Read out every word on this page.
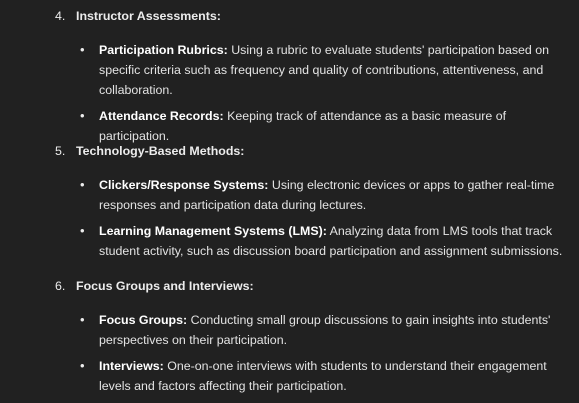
4. Instructor Assessments:
• Participation Rubrics: Using a rubric to evaluate students' participation based on specific criteria such as frequency and quality of contributions, attentiveness, and collaboration.
• Attendance Records: Keeping track of attendance as a basic measure of participation.
5. Technology-Based Methods:
• Clickers/Response Systems: Using electronic devices or apps to gather real-time responses and participation data during lectures.
• Learning Management Systems (LMS): Analyzing data from LMS tools that track student activity, such as discussion board participation and assignment submissions.
6. Focus Groups and Interviews:
• Focus Groups: Conducting small group discussions to gain insights into students' perspectives on their participation.
• Interviews: One-on-one interviews with students to understand their engagement levels and factors affecting their participation.
